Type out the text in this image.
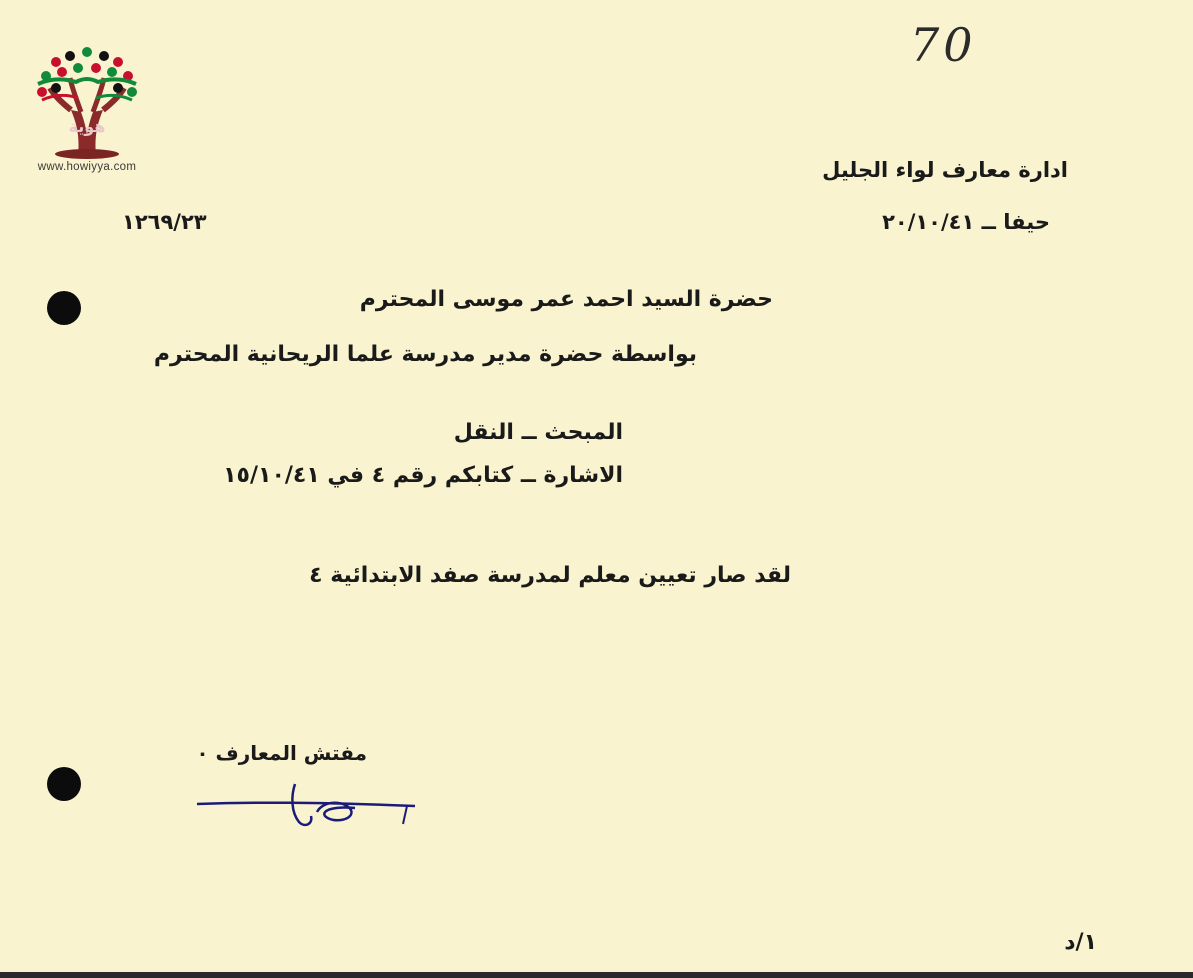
70
هوية
www.howiyya.com	ادارة معارف لواء الجليل
حيفا ــ ٢٠/١٠/٤١
١٢٦٩/٢٣
حضرة السيد احمد عمر موسى المحترم
بواسطة حضرة مدير مدرسة علما الريحانية المحترم
المبحث ــ النقل
الاشارة ــ كتابكم رقم ٤ في ١٥/١٠/٤١
لقد صار تعيين معلم لمدرسة صفد الابتدائية ٤
مفتش المعارف ٠
١/د
